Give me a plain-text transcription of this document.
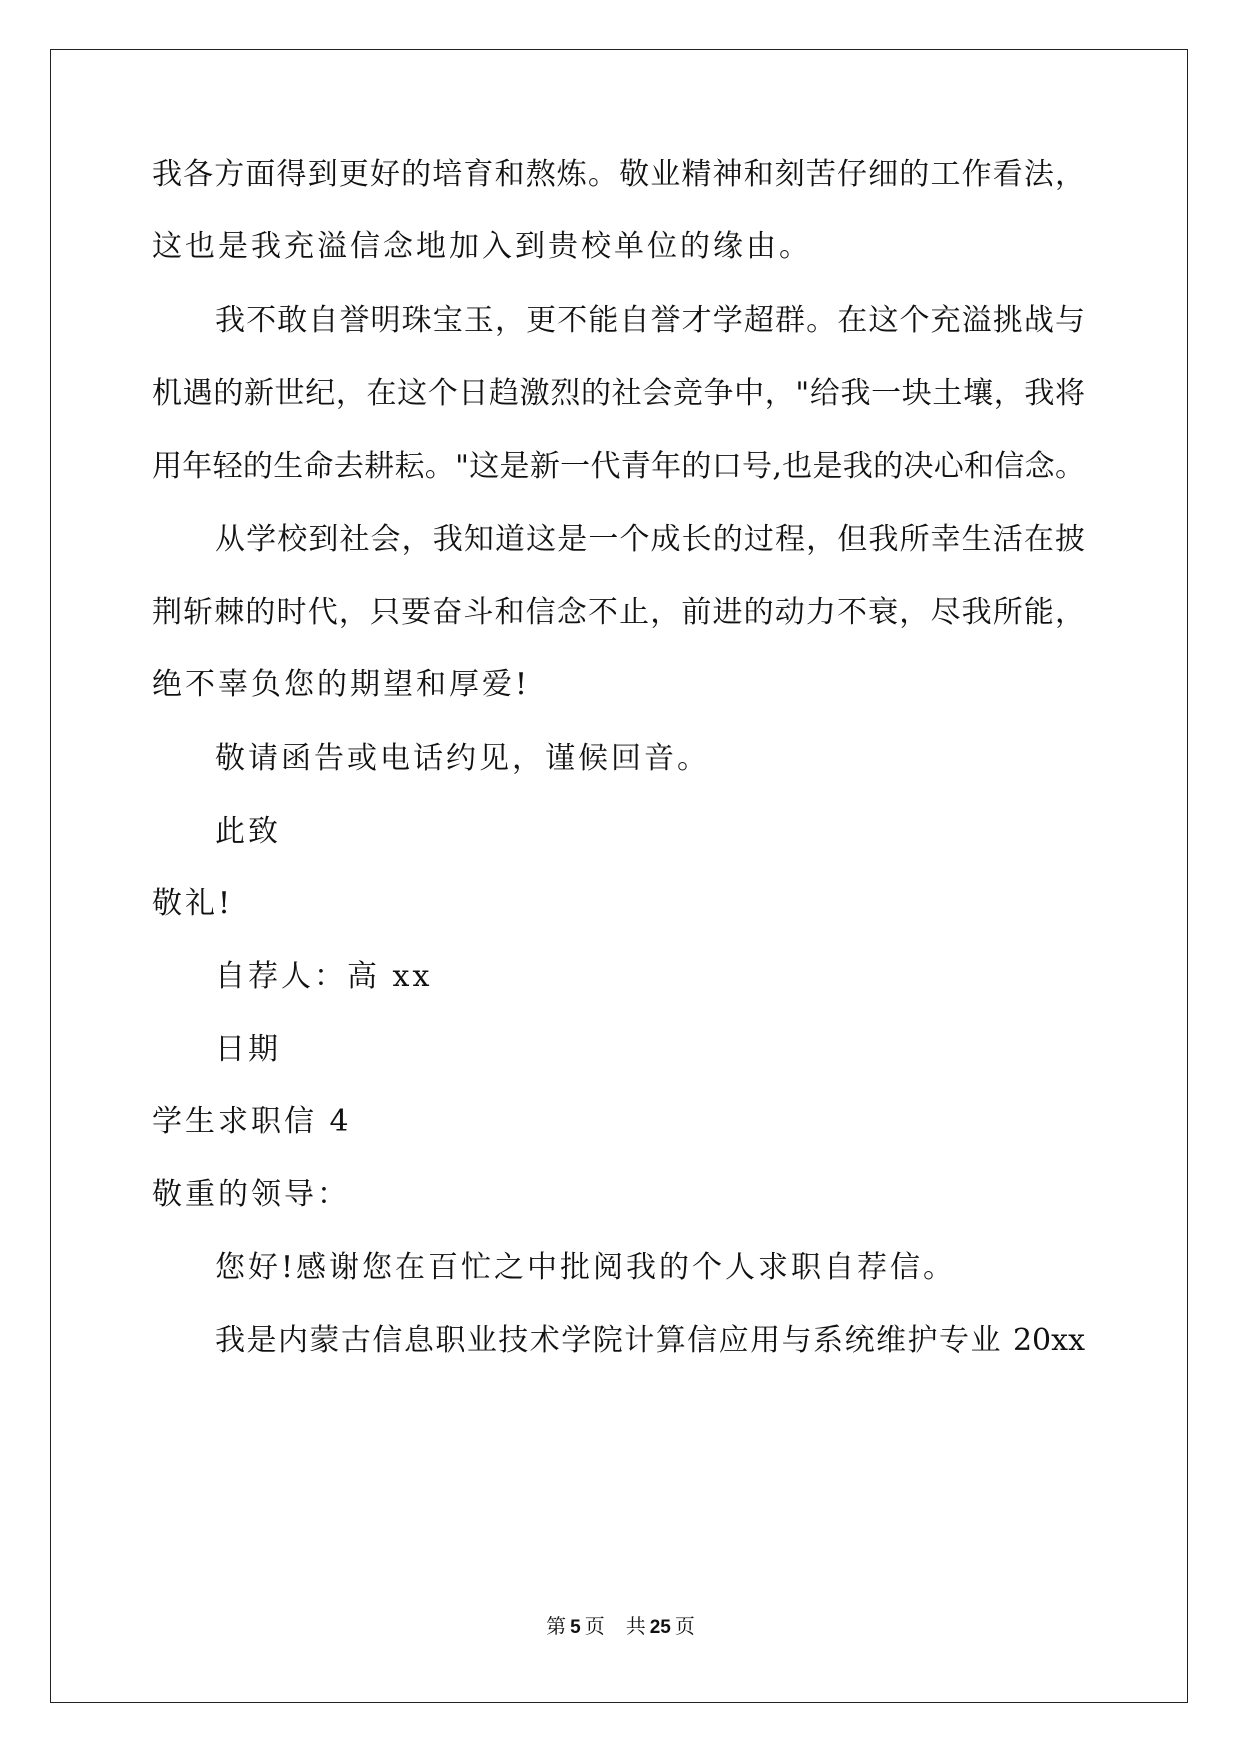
我各方面得到更好的培育和熬炼。敬业精神和刻苦仔细的工作看法，
这也是我充溢信念地加入到贵校单位的缘由。
我不敢自誉明珠宝玉，更不能自誉才学超群。在这个充溢挑战与
机遇的新世纪，在这个日趋激烈的社会竞争中，"给我一块土壤，我将
用年轻的生命去耕耘。"这是新一代青年的口号,也是我的决心和信念。
从学校到社会，我知道这是一个成长的过程，但我所幸生活在披
荆斩棘的时代，只要奋斗和信念不止，前进的动力不衰，尽我所能，
绝不辜负您的期望和厚爱!
敬请函告或电话约见，谨候回音。
此致
敬礼!
自荐人：高 xx
日期
学生求职信 4
敬重的领导：
您好!感谢您在百忙之中批阅我的个人求职自荐信。
我是内蒙古信息职业技术学院计算信应用与系统维护专业 20xx
第 5 页 共 25 页
